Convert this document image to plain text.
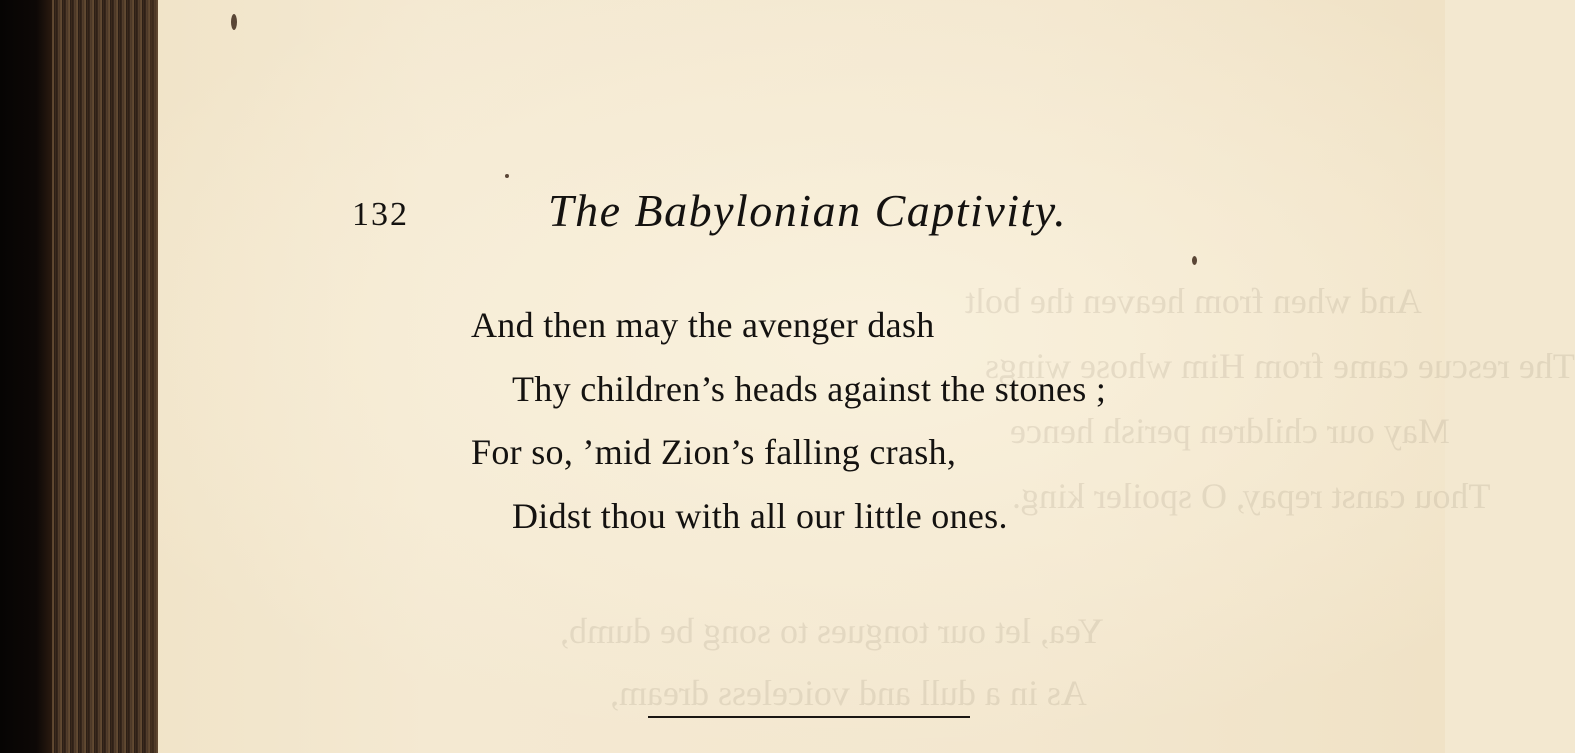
And when from heaven the bolt
The rescue came from Him whose wings
May our children perish hence
Thou canst repay, O spoiler king.
Yea, let our tongues to song be dumb,
As in a dull and voiceless dream,
132	The Babylonian Captivity.
And then may the avenger dash
Thy children’s heads against the stones ;
For so, ’mid Zion’s falling crash,
Didst thou with all our little ones.
